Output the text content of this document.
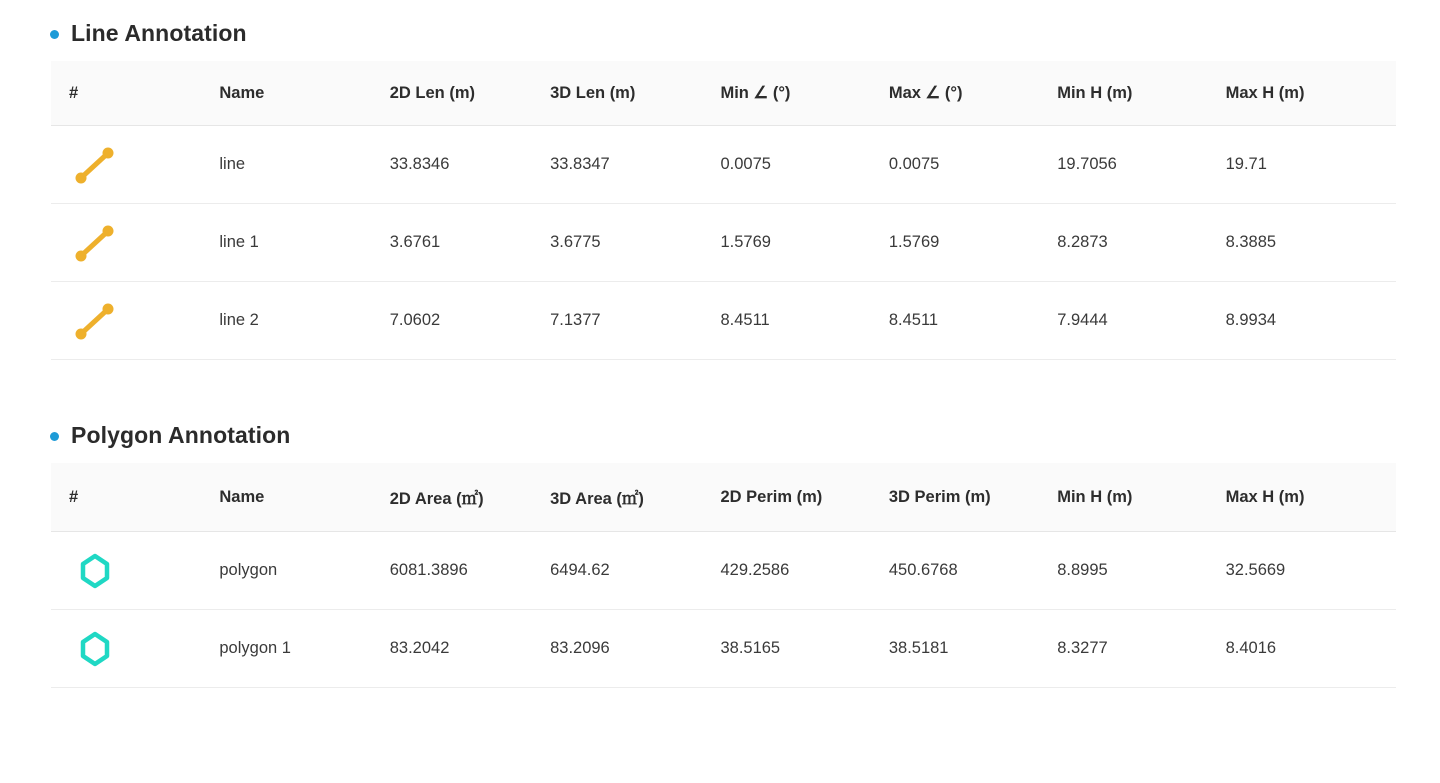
Line Annotation
#	Name	2D Len (m)	3D Len (m)	Min ∠ (°)	Max ∠ (°)	Min H (m)	Max H (m)
	line	33.8346	33.8347	0.0075	0.0075	19.7056	19.71
	line 1	3.6761	3.6775	1.5769	1.5769	8.2873	8.3885
	line 2	7.0602	7.1377	8.4511	8.4511	7.9444	8.9934
Polygon Annotation
#	Name	2D Area (㎡)	3D Area (㎡)	2D Perim (m)	3D Perim (m)	Min H (m)	Max H (m)
	polygon	6081.3896	6494.62	429.2586	450.6768	8.8995	32.5669
	polygon 1	83.2042	83.2096	38.5165	38.5181	8.3277	8.4016
